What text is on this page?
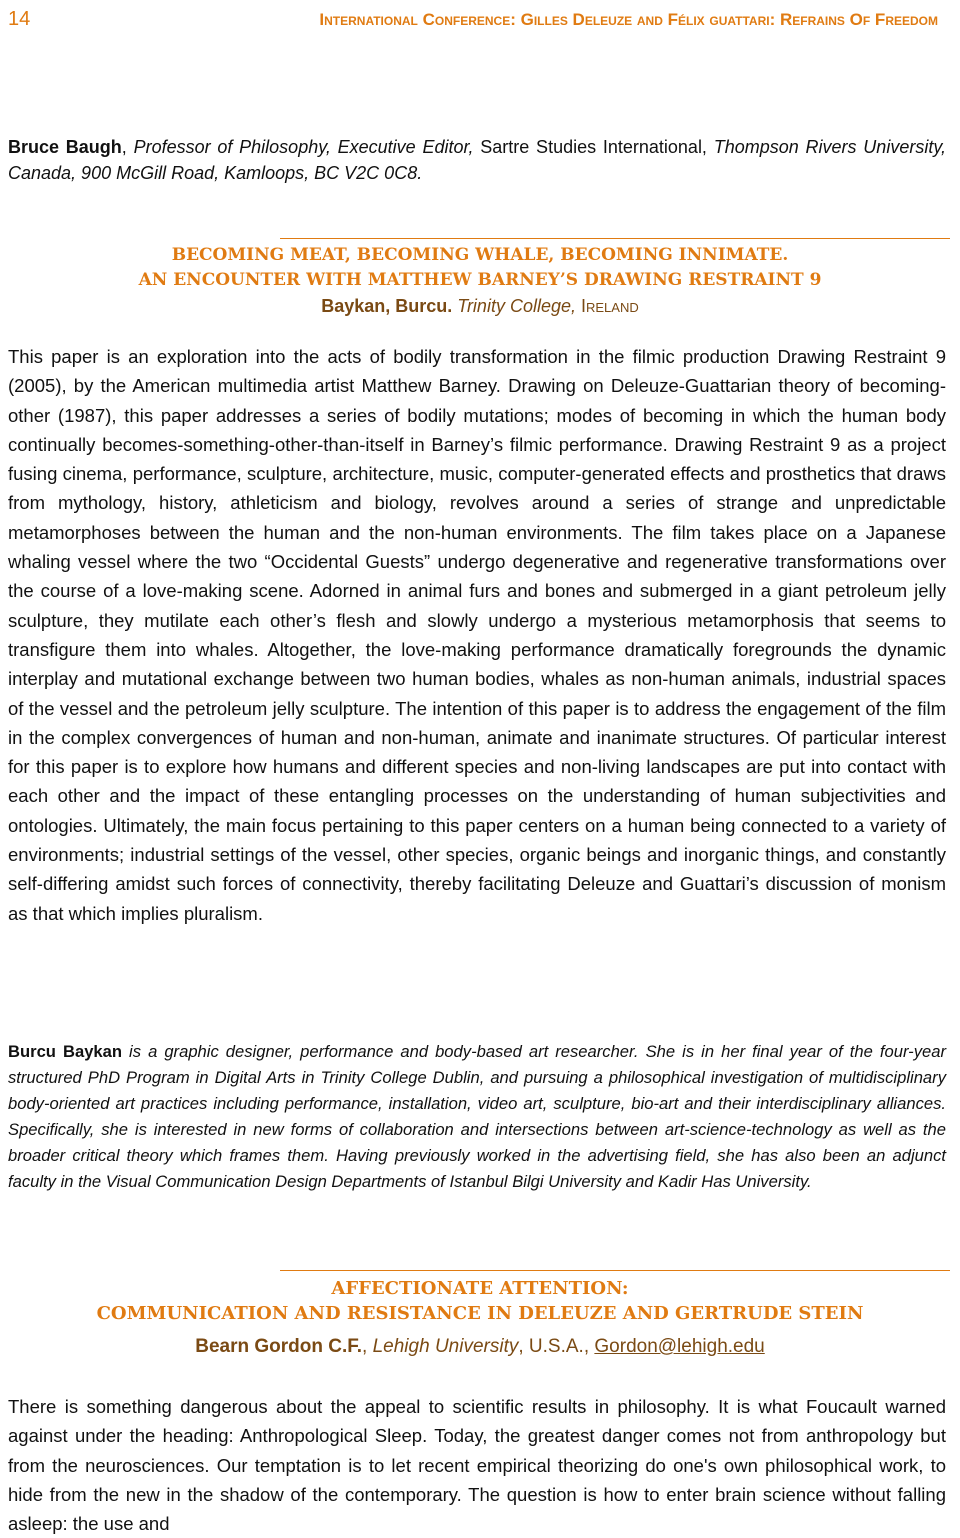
14	International Conference: Gilles Deleuze and Félix guattari: Refrains Of Freedom

Bruce Baugh, Professor of Philosophy, Executive Editor, Sartre Studies International, Thompson Rivers University, Canada, 900 McGill Road, Kamloops, BC V2C 0C8.

BECOMING MEAT, BECOMING WHALE, BECOMING INNIMATE.
AN ENCOUNTER WITH MATTHEW BARNEY’S DRAWING RESTRAINT 9
Baykan, Burcu. Trinity College, Ireland

This paper is an exploration into the acts of bodily transformation in the filmic production Drawing Restraint 9 (2005), by the American multimedia artist Matthew Barney. Drawing on Deleuze-Guattarian theory of becoming-other (1987), this paper addresses a series of bodily mutations; modes of becoming in which the human body continually becomes-something-other-than-itself in Barney’s filmic performance. Drawing Restraint 9 as a project fusing cinema, performance, sculpture, architecture, music, computer-generated effects and prosthetics that draws from mythology, history, athleticism and biology, revolves around a series of strange and unpredictable metamorphoses between the human and the non-human environments. The film takes place on a Japanese whaling vessel where the two “Occidental Guests” undergo degenerative and regenerative transformations over the course of a love-making scene. Adorned in animal furs and bones and submerged in a giant petroleum jelly sculpture, they mutilate each other’s flesh and slowly undergo a mysterious metamorphosis that seems to transfigure them into whales. Altogether, the love-making performance dramatically foregrounds the dynamic interplay and mutational exchange between two human bodies, whales as non-human animals, industrial spaces of the vessel and the petroleum jelly sculpture. The intention of this paper is to address the engagement of the film in the complex convergences of human and non-human, animate and inanimate structures. Of particular interest for this paper is to explore how humans and different species and non-living landscapes are put into contact with each other and the impact of these entangling processes on the understanding of human subjectivities and ontologies. Ultimately, the main focus pertaining to this paper centers on a human being connected to a variety of environments; industrial settings of the vessel, other species, organic beings and inorganic things, and constantly self-differing amidst such forces of connectivity, thereby facilitating Deleuze and Guattari’s discussion of monism as that which implies pluralism.

Burcu Baykan is a graphic designer, performance and body-based art researcher. She is in her final year of the four-year structured PhD Program in Digital Arts in Trinity College Dublin, and pursuing a philosophical investigation of multidisciplinary body-oriented art practices including performance, installation, video art, sculpture, bio-art and their interdisciplinary alliances. Specifically, she is interested in new forms of collaboration and intersections between art-science-technology as well as the broader critical theory which frames them. Having previously worked in the advertising field, she has also been an adjunct faculty in the Visual Communication Design Departments of Istanbul Bilgi University and Kadir Has University.

AFFECTIONATE ATTENTION:
COMMUNICATION AND RESISTANCE IN DELEUZE AND GERTRUDE STEIN
Bearn Gordon C.F., Lehigh University, U.S.A., Gordon@lehigh.edu

There is something dangerous about the appeal to scientific results in philosophy. It is what Foucault warned against under the heading: Anthropological Sleep. Today, the greatest danger comes not from anthropology but from the neurosciences. Our temptation is to let recent empirical theorizing do one's own philosophical work, to hide from the new in the shadow of the contemporary. The question is how to enter brain science without falling asleep: the use and
